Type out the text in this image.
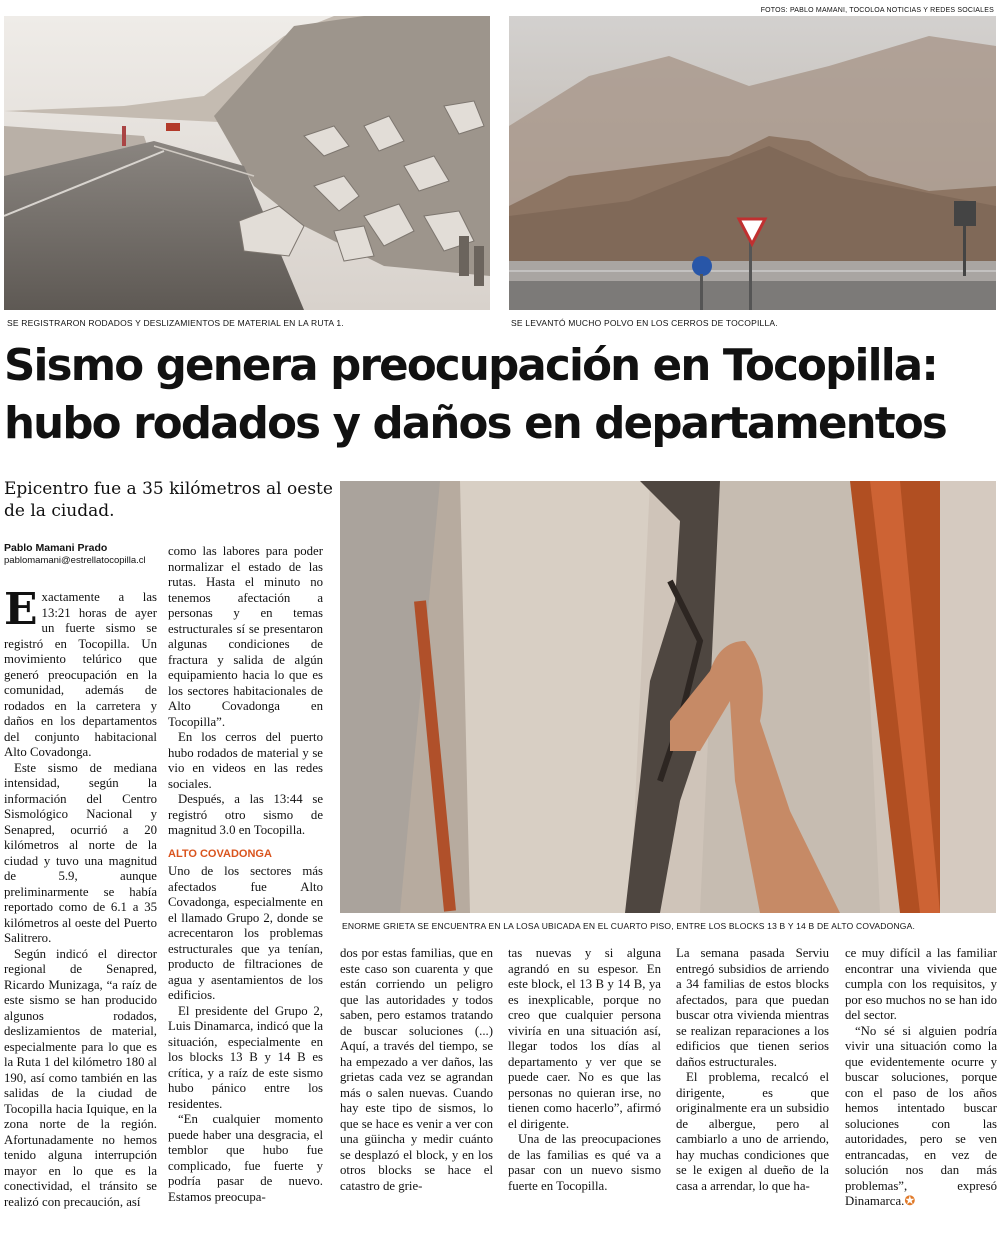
FOTOS: PABLO MAMANI, TOCOLOA NOTICIAS Y REDES SOCIALES
SE REGISTRARON RODADOS Y DESLIZAMIENTOS DE MATERIAL EN LA RUTA 1.	SE LEVANTÓ MUCHO POLVO EN LOS CERROS DE TOCOPILLA.
Sismo genera preocupación en Tocopilla:
hubo rodados y daños en departamentos
Epicentro fue a 35 kilómetros al oeste de la ciudad.
Pablo Mamani Prado
pablomamani@estrellatocopilla.cl
ENORME GRIETA SE ENCUENTRA EN LA LOSA UBICADA EN EL CUARTO PISO, ENTRE LOS BLOCKS 13 B Y 14 B DE ALTO COVADONGA.

Exactamente a las 13:21 horas de ayer un fuerte sismo se registró en Tocopilla. Un movimiento telúrico que generó preocupación en la comunidad, además de rodados en la carretera y daños en los departamentos del conjunto habitacional Alto Covadonga.

Este sismo de mediana intensidad, según la información del Centro Sismológico Nacional y Senapred, ocurrió a 20 kilómetros al norte de la ciudad y tuvo una magnitud de 5.9, aunque preliminarmente se había reportado como de 6.1 a 35 kilómetros al oeste del Puerto Salitrero.

Según indicó el director regional de Senapred, Ricardo Munizaga, “a raíz de este sismo se han producido algunos rodados, deslizamientos de material, especialmente para lo que es la Ruta 1 del kilómetro 180 al 190, así como también en las salidas de la ciudad de Tocopilla hacia Iquique, en la zona norte de la región. Afortunadamente no hemos tenido alguna interrupción mayor en lo que es la conectividad, el tránsito se realizó con precaución, así

como las labores para poder normalizar el estado de las rutas. Hasta el minuto no tenemos afectación a personas y en temas estructurales sí se presentaron algunas condiciones de fractura y salida de algún equipamiento hacia lo que es los sectores habitacionales de Alto Covadonga en Tocopilla”.

En los cerros del puerto hubo rodados de material y se vio en videos en las redes sociales.

Después, a las 13:44 se registró otro sismo de magnitud 3.0 en Tocopilla.

ALTO COVADONGA

Uno de los sectores más afectados fue Alto Covadonga, especialmente en el llamado Grupo 2, donde se acrecentaron los problemas estructurales que ya tenían, producto de filtraciones de agua y asentamientos de los edificios.

El presidente del Grupo 2, Luis Dinamarca, indicó que la situación, especialmente en los blocks 13 B y 14 B es crítica, y a raíz de este sismo hubo pánico entre los residentes.

“En cualquier momento puede haber una desgracia, el temblor que hubo fue complicado, fue fuerte y podría pasar de nuevo. Estamos preocupa-

dos por estas familias, que en este caso son cuarenta y que están corriendo un peligro que las autoridades y todos saben, pero estamos tratando de buscar soluciones (...) Aquí, a través del tiempo, se ha empezado a ver daños, las grietas cada vez se agrandan más o salen nuevas. Cuando hay este tipo de sismos, lo que se hace es venir a ver con una güincha y medir cuánto se desplazó el block, y en los otros blocks se hace el catastro de grie-

tas nuevas y si alguna agrandó en su espesor. En este block, el 13 B y 14 B, ya es inexplicable, porque no creo que cualquier persona viviría en una situación así, llegar todos los días al departamento y ver que se puede caer. No es que las personas no quieran irse, no tienen como hacerlo”, afirmó el dirigente.

Una de las preocupaciones de las familias es qué va a pasar con un nuevo sismo fuerte en Tocopilla.

La semana pasada Serviu entregó subsidios de arriendo a 34 familias de estos blocks afectados, para que puedan buscar otra vivienda mientras se realizan reparaciones a los edificios que tienen serios daños estructurales.

El problema, recalcó el dirigente, es que originalmente era un subsidio de albergue, pero al cambiarlo a uno de arriendo, hay muchas condiciones que se le exigen al dueño de la casa a arrendar, lo que ha-

ce muy difícil a las familiar encontrar una vivienda que cumpla con los requisitos, y por eso muchos no se han ido del sector.

“No sé si alguien podría vivir una situación como la que evidentemente ocurre y buscar soluciones, porque con el paso de los años hemos intentado buscar soluciones con las autoridades, pero se ven entrancadas, en vez de solución nos dan más problemas”, expresó Dinamarca.✪
